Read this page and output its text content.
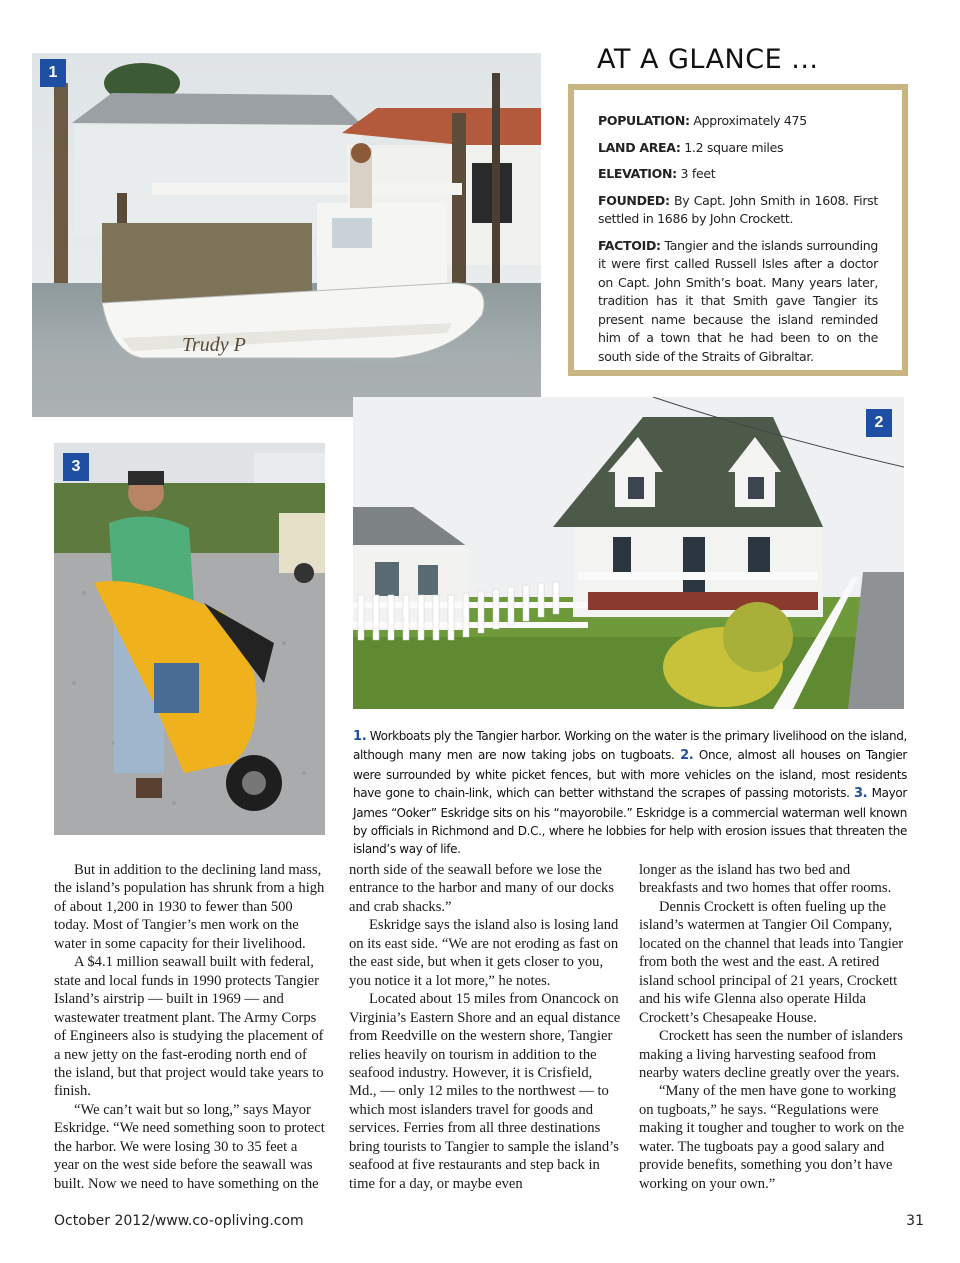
Trudy P
1	AT A GLANCE ...

POPULATION: Approximately 475

LAND AREA: 1.2 square miles

ELEVATION: 3 feet

FOUNDED: By Capt. John Smith in 1608. First settled in 1686 by John Crockett.

FACTOID: Tangier and the islands surrounding it were first called Russell Isles after a doctor on Capt. John Smith’s boat. Many years later, tradition has it that Smith gave Tangier its present name because the island reminded him of a town that he had been to on the south side of the Straits of Gibraltar.

2
3
1. Workboats ply the Tangier harbor. Working on the water is the primary livelihood on the island, although many men are now taking jobs on tugboats. 2. Once, almost all houses on Tangier were surrounded by white picket fences, but with more vehicles on the island, most residents have gone to chain-link, which can better withstand the scrapes of passing motorists. 3. Mayor James “Ooker” Eskridge sits on his “mayorobile.” Eskridge is a commercial waterman well known by officials in Richmond and D.C., where he lobbies for help with erosion issues that threaten the island’s way of life.

But in addition to the declining land mass, the island’s population has shrunk from a high of about 1,200 in 1930 to fewer than 500 today. Most of Tangier’s men work on the water in some capacity for their livelihood.

A $4.1 million seawall built with federal, state and local funds in 1990 protects Tangier Island’s airstrip — built in 1969 — and wastewater treatment plant. The Army Corps of Engineers also is studying the placement of a new jetty on the fast-eroding north end of the island, but that project would take years to finish.

“We can’t wait but so long,” says Mayor Eskridge. “We need something soon to protect the harbor. We were losing 30 to 35 feet a year on the west side before the seawall was built. Now we need to have something on the

north side of the seawall before we lose the entrance to the harbor and many of our docks and crab shacks.”

Eskridge says the island also is losing land on its east side. “We are not eroding as fast on the east side, but when it gets closer to you, you notice it a lot more,” he notes.

Located about 15 miles from Onancock on Virginia’s Eastern Shore and an equal distance from Reedville on the western shore, Tangier relies heavily on tourism in addition to the seafood industry. However, it is Crisfield, Md., — only 12 miles to the northwest — to which most islanders travel for goods and services. Ferries from all three destinations bring tourists to Tangier to sample the island’s seafood at five restaurants and step back in time for a day, or maybe even

longer as the island has two bed and breakfasts and two homes that offer rooms.

Dennis Crockett is often fueling up the island’s watermen at Tangier Oil Company, located on the channel that leads into Tangier from both the west and the east. A retired island school principal of 21 years, Crockett and his wife Glenna also operate Hilda Crockett’s Chesapeake House.

Crockett has seen the number of islanders making a living harvesting seafood from nearby waters decline greatly over the years.

“Many of the men have gone to working on tugboats,” he says. “Regulations were making it tougher and tougher to work on the water. The tugboats pay a good salary and provide benefits, something you don’t have working on your own.”

October 2012/www.co-opliving.com	31
